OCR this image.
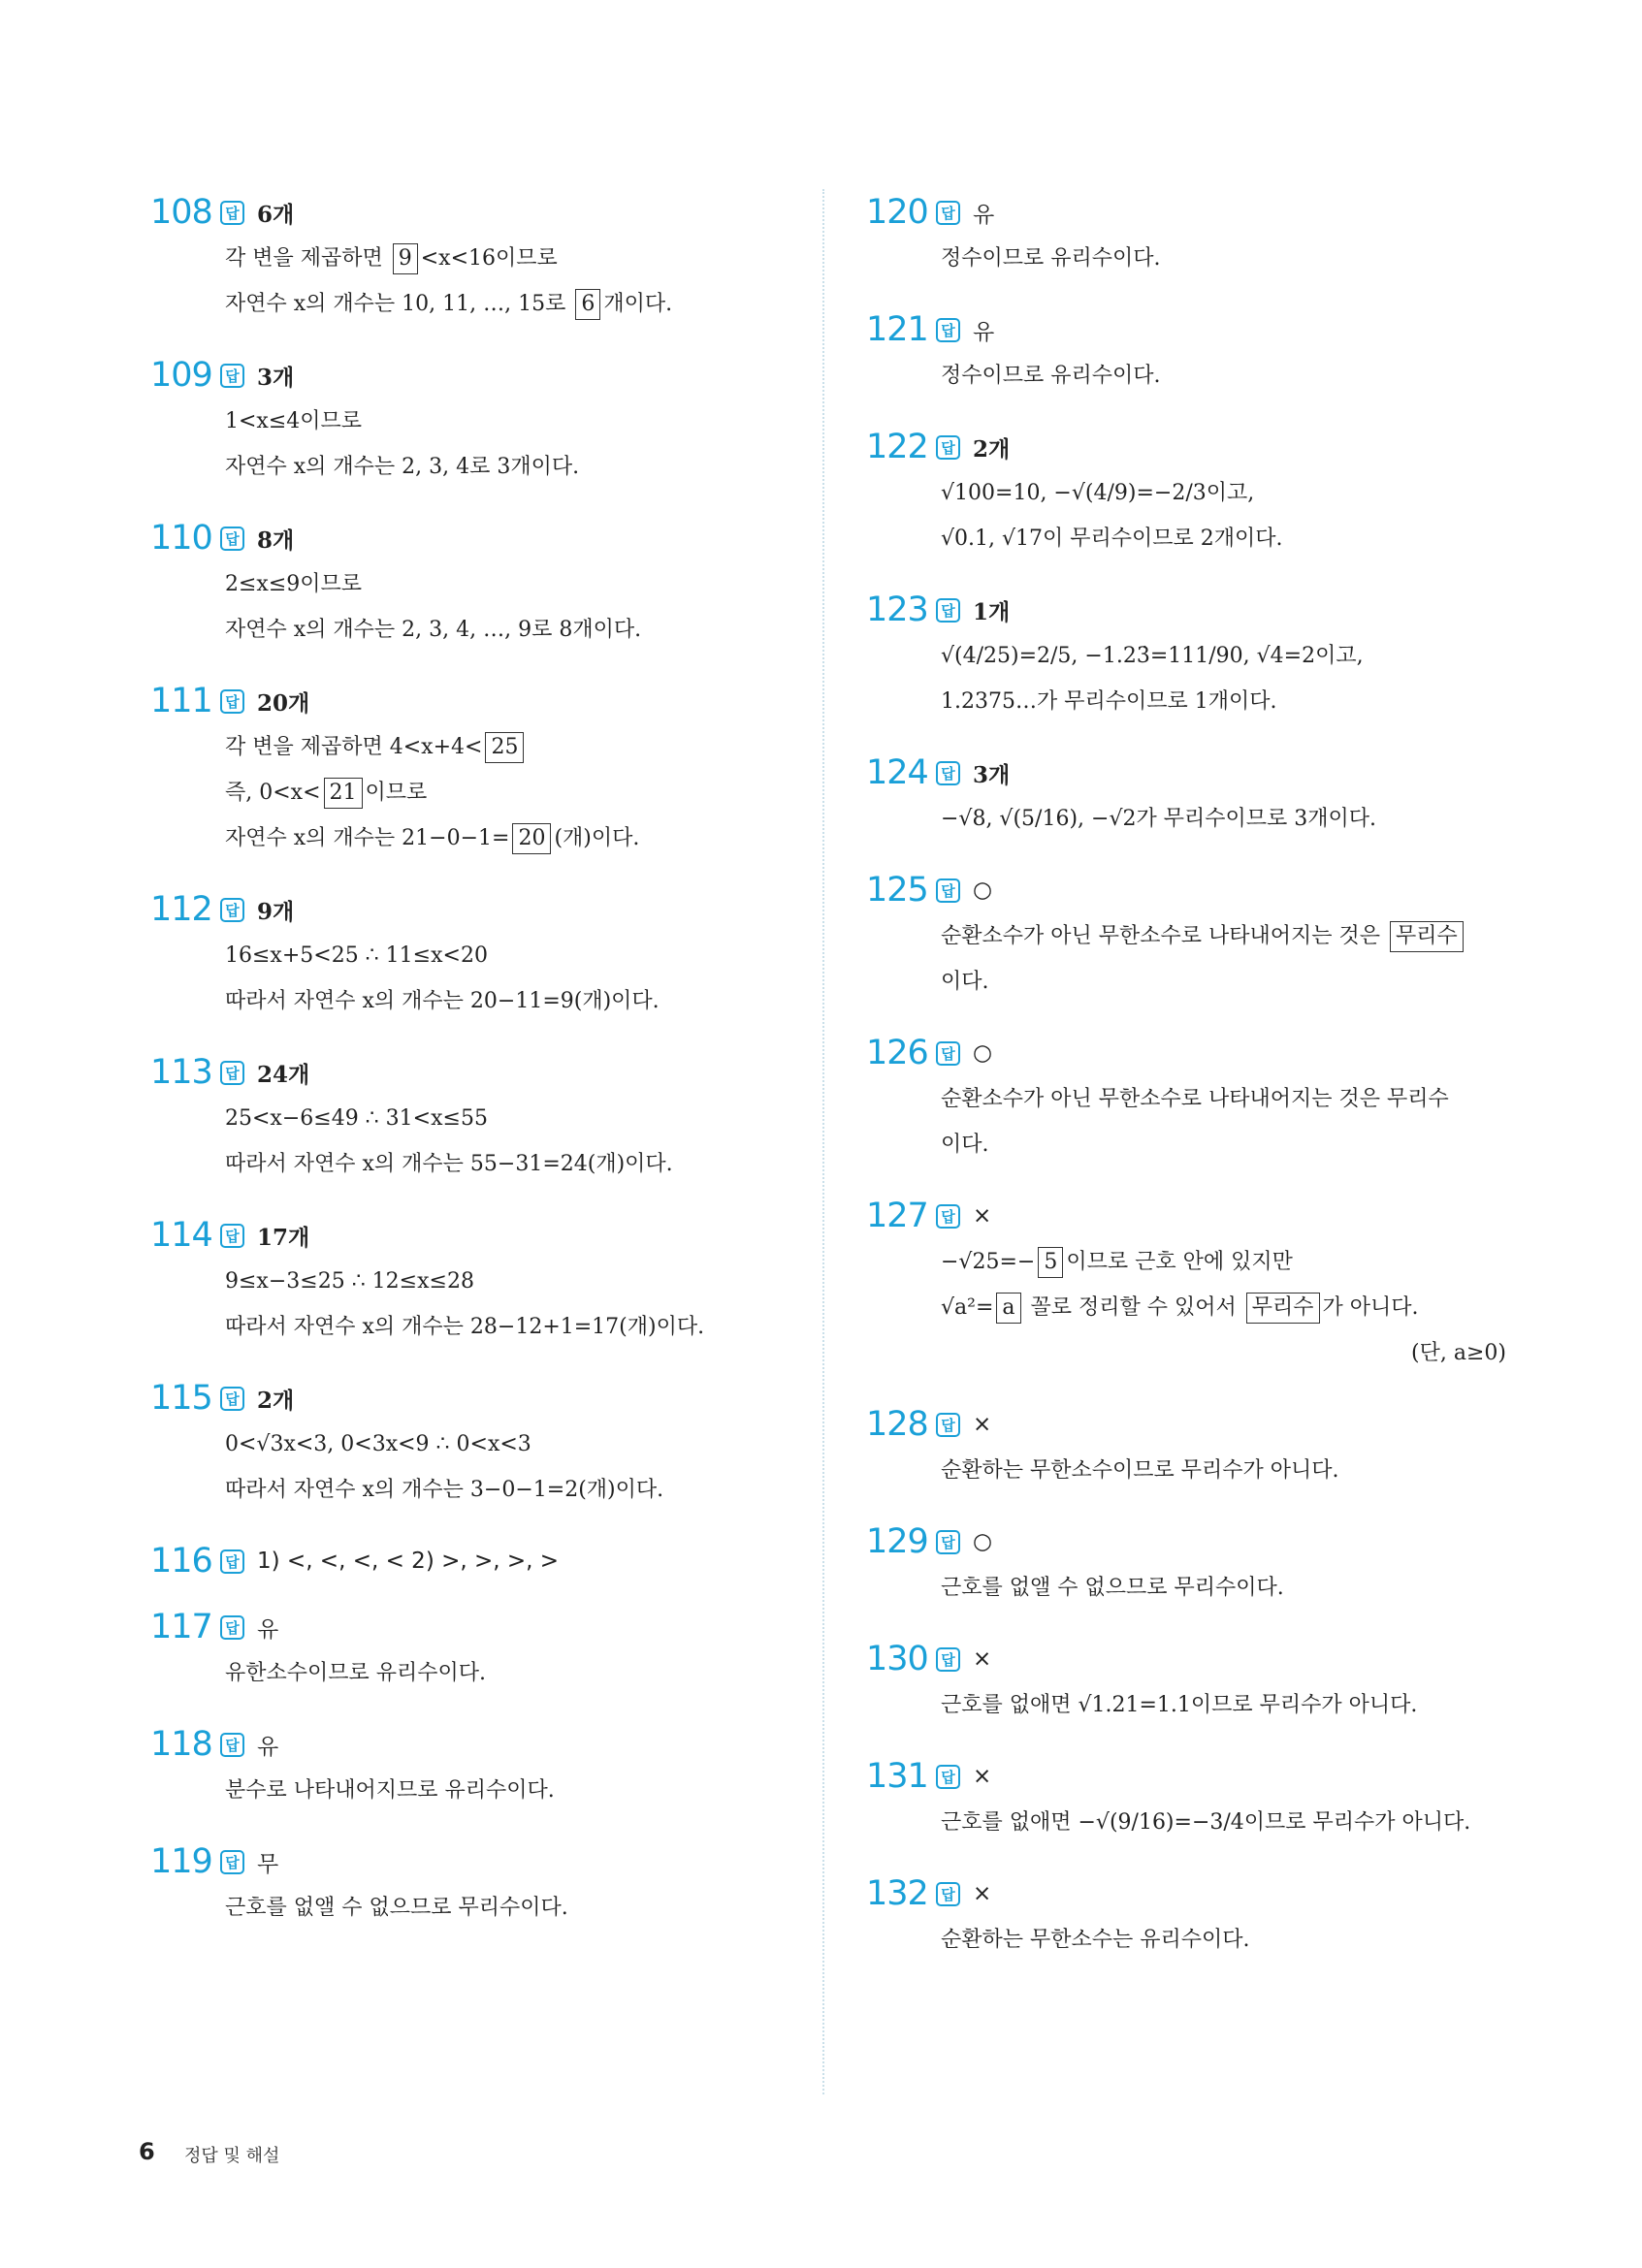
108 답 6개
각 변을 제곱하면 9 <x<16이므로
자연수 x의 개수는 10, 11, …, 15로 6 개이다.
109 답 3개
1<x≤4이므로
자연수 x의 개수는 2, 3, 4로 3개이다.
110 답 8개
2≤x≤9이므로
자연수 x의 개수는 2, 3, 4, …, 9로 8개이다.
111 답 20개
각 변을 제곱하면 4<x+4< 25
즉, 0<x< 21 이므로
자연수 x의 개수는 21−0−1= 20 (개)이다.
112 답 9개
16≤x+5<25 ∴ 11≤x<20
따라서 자연수 x의 개수는 20−11=9(개)이다.
113 답 24개
25<x−6≤49 ∴ 31<x≤55
따라서 자연수 x의 개수는 55−31=24(개)이다.
114 답 17개
9≤x−3≤25 ∴ 12≤x≤28
따라서 자연수 x의 개수는 28−12+1=17(개)이다.
115 답 2개
0<√3x<3, 0<3x<9 ∴ 0<x<3
따라서 자연수 x의 개수는 3−0−1=2(개)이다.
116 답 1) <, <, <, < 2) >, >, >, >
117 답 유
유한소수이므로 유리수이다.
118 답 유
분수로 나타내어지므로 유리수이다.
119 답 무
근호를 없앨 수 없으므로 무리수이다.
120 답 유
정수이므로 유리수이다.
121 답 유
정수이므로 유리수이다.
122 답 2개
√100=10, −√(4/9)=−2/3이고,
√0.1, √17이 무리수이므로 2개이다.
123 답 1개
√(4/25)=2/5, −1.23̇=111/90, √4=2이고,
1.2375…가 무리수이므로 1개이다.
124 답 3개
−√8, √(5/16), −√2가 무리수이므로 3개이다.
125 답 ○
순환소수가 아닌 무한소수로 나타내어지는 것은 무리수
이다.
126 답 ○
순환소수가 아닌 무한소수로 나타내어지는 것은 무리수
이다.
127 답 ×
−√25=− 5 이므로 근호 안에 있지만
√a²= a 꼴로 정리할 수 있어서 무리수 가 아니다.
(단, a≥0)
128 답 ×
순환하는 무한소수이므로 무리수가 아니다.
129 답 ○
근호를 없앨 수 없으므로 무리수이다.
130 답 ×
근호를 없애면 √1.21=1.1이므로 무리수가 아니다.
131 답 ×
근호를 없애면 −√(9/16)=−3/4이므로 무리수가 아니다.
132 답 ×
순환하는 무한소수는 유리수이다.
6 정답 및 해설
